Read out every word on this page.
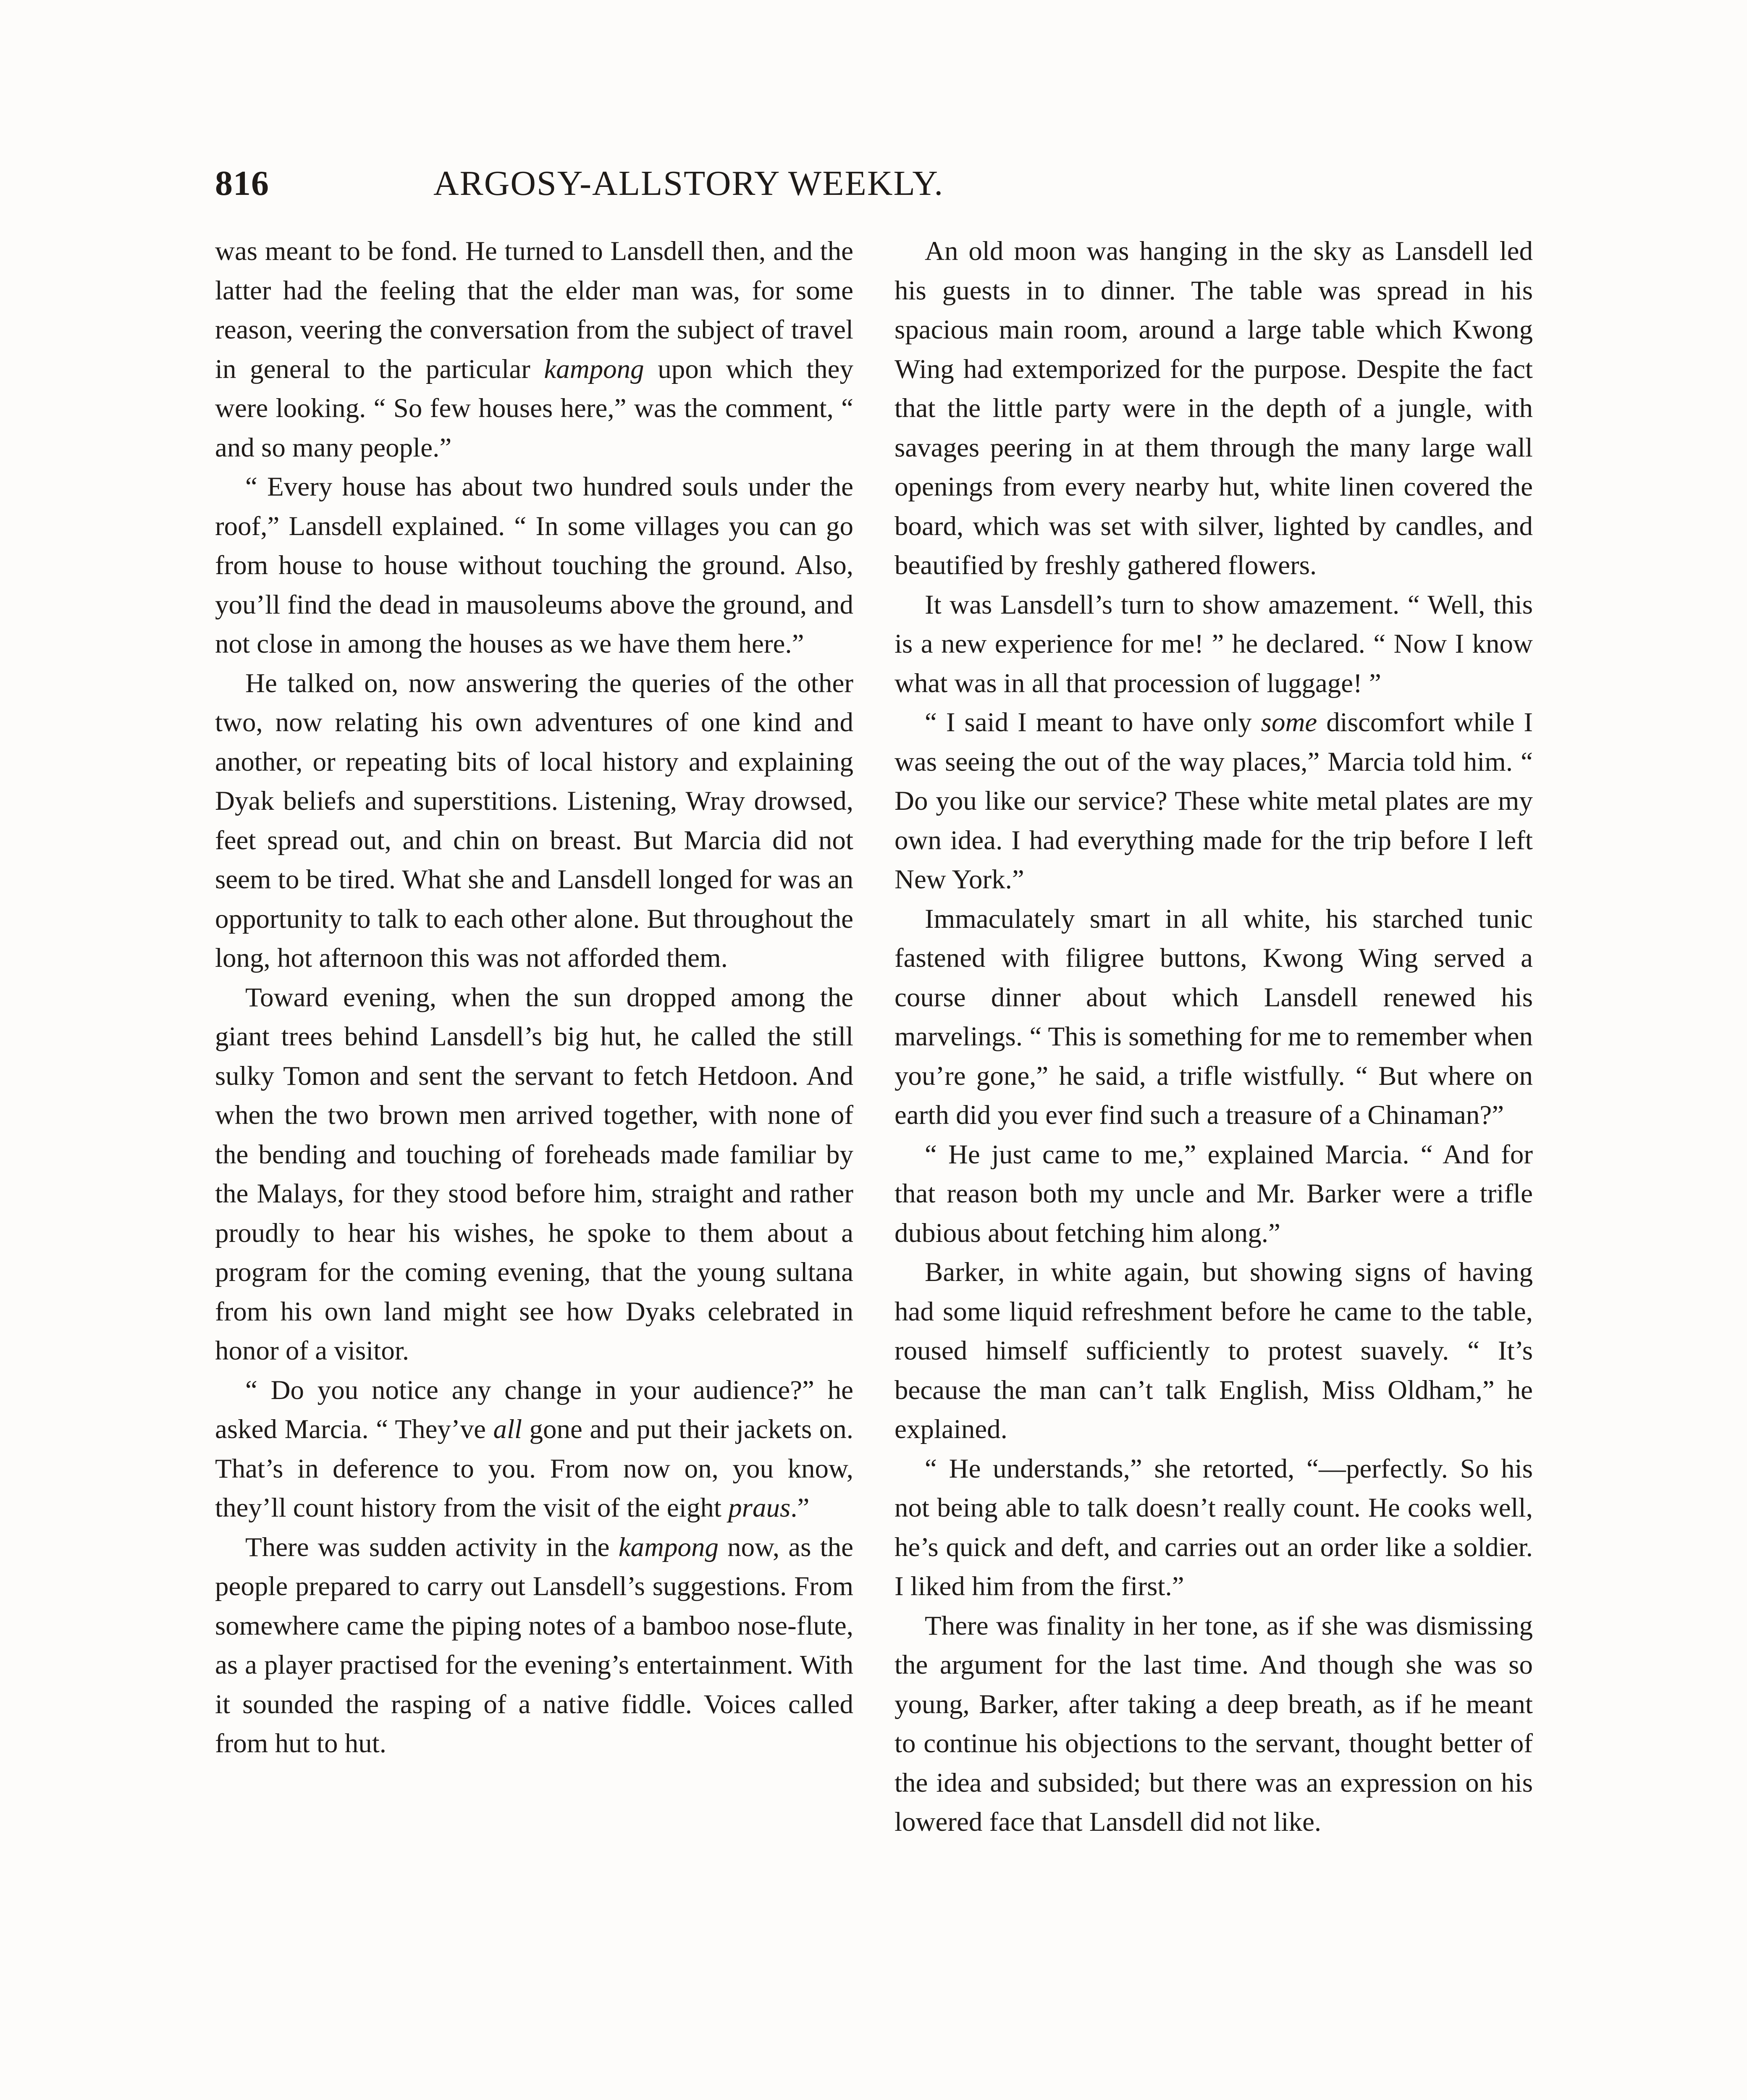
816	ARGOSY-ALLSTORY WEEKLY.

was meant to be fond. He turned to Lansdell then, and the latter had the feeling that the elder man was, for some reason, veering the conversation from the subject of travel in general to the particular kampong upon which they were looking. “ So few houses here,” was the comment, “ and so many people.”

“ Every house has about two hundred souls under the roof,” Lansdell explained. “ In some villages you can go from house to house without touching the ground. Also, you’ll find the dead in mausoleums above the ground, and not close in among the houses as we have them here.”

He talked on, now answering the queries of the other two, now relating his own adventures of one kind and another, or repeating bits of local history and explaining Dyak beliefs and superstitions. Listening, Wray drowsed, feet spread out, and chin on breast. But Marcia did not seem to be tired. What she and Lansdell longed for was an opportunity to talk to each other alone. But throughout the long, hot afternoon this was not afforded them.

Toward evening, when the sun dropped among the giant trees behind Lansdell’s big hut, he called the still sulky Tomon and sent the servant to fetch Hetdoon. And when the two brown men arrived together, with none of the bending and touching of foreheads made familiar by the Malays, for they stood before him, straight and rather proudly to hear his wishes, he spoke to them about a program for the coming evening, that the young sultana from his own land might see how Dyaks celebrated in honor of a visitor.

“ Do you notice any change in your audience?” he asked Marcia. “ They’ve all gone and put their jackets on. That’s in deference to you. From now on, you know, they’ll count history from the visit of the eight praus.”

There was sudden activity in the kampong now, as the people prepared to carry out Lansdell’s suggestions. From somewhere came the piping notes of a bamboo nose-flute, as a player practised for the evening’s entertainment. With it sounded the rasping of a native fiddle. Voices called from hut to hut.

An old moon was hanging in the sky as Lansdell led his guests in to dinner. The table was spread in his spacious main room, around a large table which Kwong Wing had extemporized for the purpose. Despite the fact that the little party were in the depth of a jungle, with savages peering in at them through the many large wall openings from every nearby hut, white linen covered the board, which was set with silver, lighted by candles, and beautified by freshly gathered flowers.

It was Lansdell’s turn to show amazement. “ Well, this is a new experience for me! ” he declared. “ Now I know what was in all that procession of luggage! ”

“ I said I meant to have only some discomfort while I was seeing the out of the way places,” Marcia told him. “ Do you like our service? These white metal plates are my own idea. I had everything made for the trip before I left New York.”

Immaculately smart in all white, his starched tunic fastened with filigree buttons, Kwong Wing served a course dinner about which Lansdell renewed his marvelings. “ This is something for me to remember when you’re gone,” he said, a trifle wistfully. “ But where on earth did you ever find such a treasure of a Chinaman?”

“ He just came to me,” explained Marcia. “ And for that reason both my uncle and Mr. Barker were a trifle dubious about fetching him along.”

Barker, in white again, but showing signs of having had some liquid refreshment before he came to the table, roused himself sufficiently to protest suavely. “ It’s because the man can’t talk English, Miss Oldham,” he explained.

“ He understands,” she retorted, “—perfectly. So his not being able to talk doesn’t really count. He cooks well, he’s quick and deft, and carries out an order like a soldier. I liked him from the first.”

There was finality in her tone, as if she was dismissing the argument for the last time. And though she was so young, Barker, after taking a deep breath, as if he meant to continue his objections to the servant, thought better of the idea and subsided; but there was an expression on his lowered face that Lansdell did not like.
